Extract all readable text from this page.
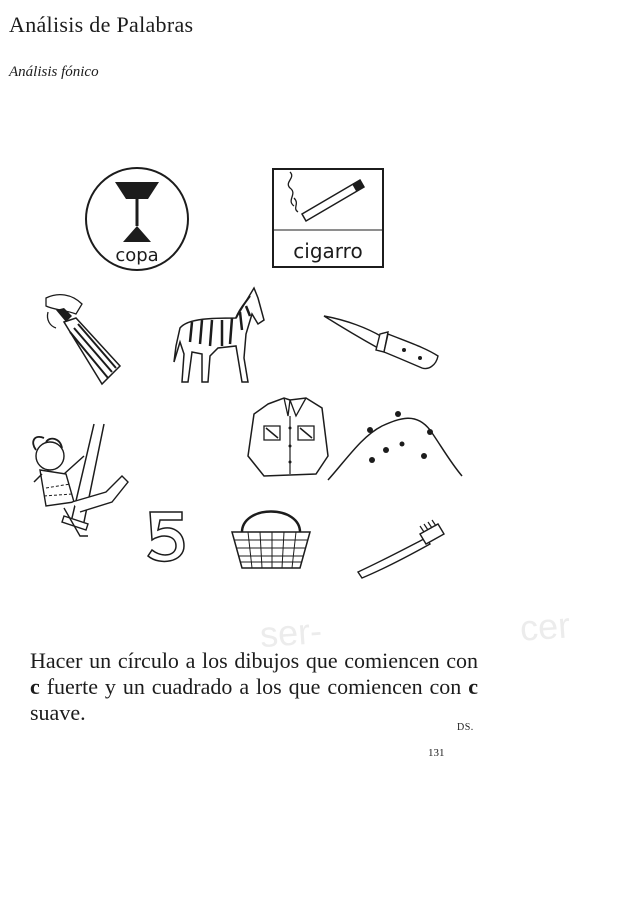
Análisis de Palabras

Análisis fónico

ser-	cer
copa	cigarro

Hacer un círculo a los dibujos que comiencen con c fuerte y un cuadrado a los que comiencen con c suave.

DS.
131
